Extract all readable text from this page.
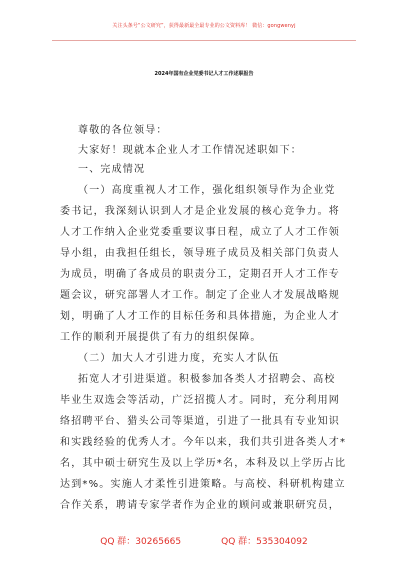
关注头条号“公文研究”，获得最新最全最专业的公文资料库！ 微信：gongwenyj
2024年国有企业党委书记人才工作述职报告
尊敬的各位领导：
大家好！现就本企业人才工作情况述职如下：
一、完成情况
（一）高度重视人才工作，强化组织领导作为企业党
委书记，我深刻认识到人才是企业发展的核心竞争力。将
人才工作纳入企业党委重要议事日程，成立了人才工作领
导小组，由我担任组长，领导班子成员及相关部门负责人
为成员，明确了各成员的职责分工，定期召开人才工作专
题会议，研究部署人才工作。制定了企业人才发展战略规
划，明确了人才工作的目标任务和具体措施，为企业人才
工作的顺利开展提供了有力的组织保障。
（二）加大人才引进力度，充实人才队伍
拓宽人才引进渠道。积极参加各类人才招聘会、高校
毕业生双选会等活动，广泛招揽人才。同时，充分利用网
络招聘平台、猎头公司等渠道，引进了一批具有专业知识
和实践经验的优秀人才。今年以来，我们共引进各类人才*
名，其中硕士研究生及以上学历*名，本科及以上学历占比
达到*%。实施人才柔性引进策略。与高校、科研机构建立
合作关系，聘请专家学者作为企业的顾问或兼职研究员，
QQ 群：30265665	QQ 群：535304092
